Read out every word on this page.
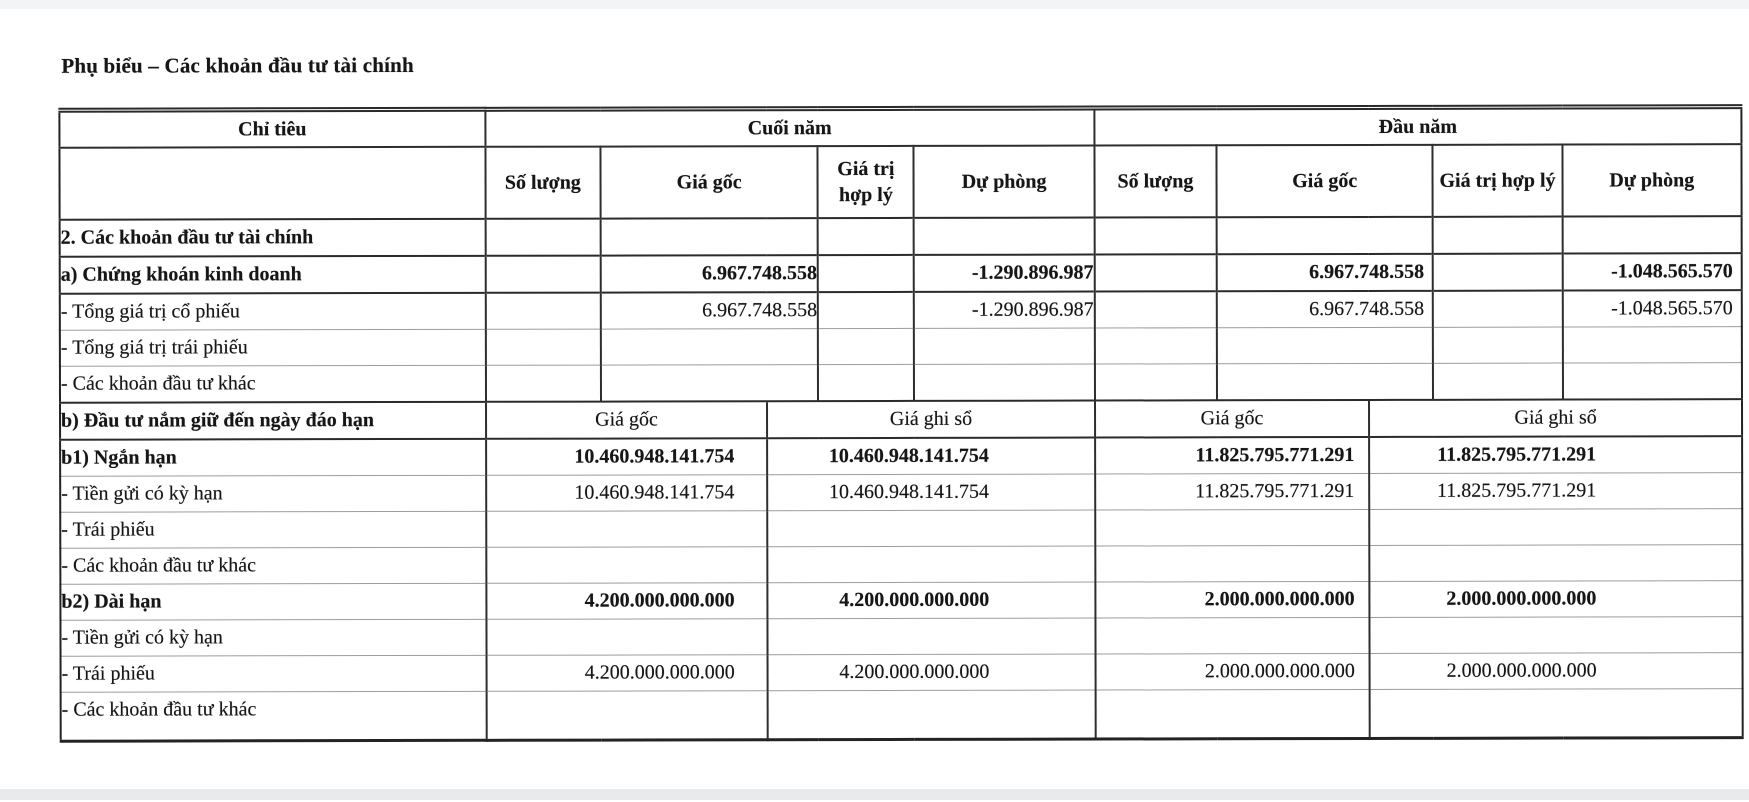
Phụ biểu – Các khoản đầu tư tài chính
Chỉ tiêu	Cuối năm					Đầu năm				
	Số lượng	Giá gốc		Giá trị hợp lý	Dự phòng	Số lượng	Giá gốc		Giá trị hợp lý	Dự phòng
2. Các khoản đầu tư tài chính										
a) Chứng khoán kinh doanh		6.967.748.558			-1.290.896.987		6.967.748.558			-1.048.565.570
- Tổng giá trị cổ phiếu		6.967.748.558			-1.290.896.987		6.967.748.558			-1.048.565.570
- Tổng giá trị trái phiếu										
- Các khoản đầu tư khác										
b) Đầu tư nắm giữ đến ngày đáo hạn	Giá gốc		Giá ghi sổ			Giá gốc		Giá ghi sổ		
b1) Ngắn hạn	10.460.948.141.754		10.460.948.141.754			11.825.795.771.291		11.825.795.771.291		
- Tiền gửi có kỳ hạn	10.460.948.141.754		10.460.948.141.754			11.825.795.771.291		11.825.795.771.291		
- Trái phiếu										
- Các khoản đầu tư khác										
b2) Dài hạn	4.200.000.000.000		4.200.000.000.000			2.000.000.000.000		2.000.000.000.000		
- Tiền gửi có kỳ hạn										
- Trái phiếu	4.200.000.000.000		4.200.000.000.000			2.000.000.000.000		2.000.000.000.000		
- Các khoản đầu tư khác										
